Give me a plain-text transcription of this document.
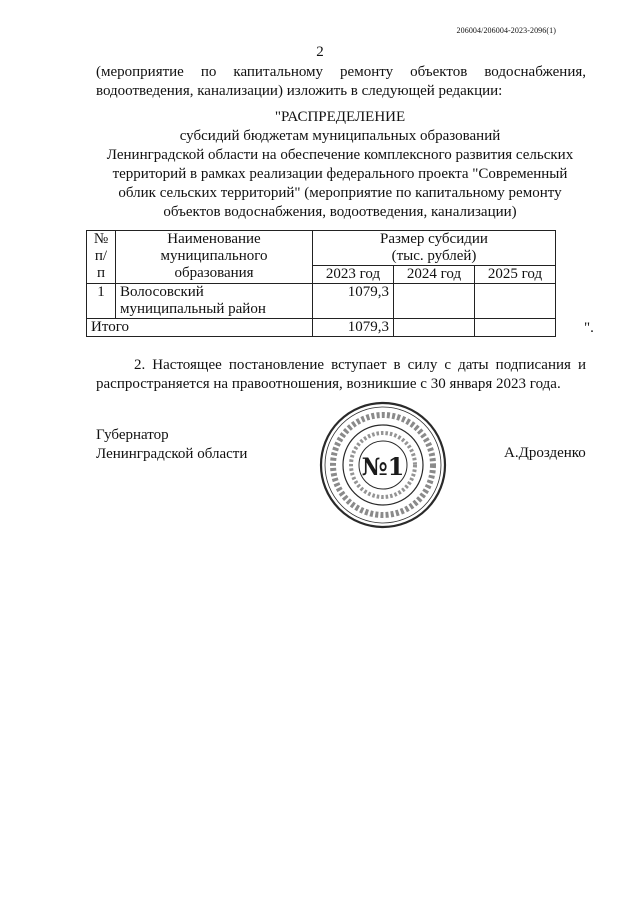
206004/206004-2023-2096(1)
2
(мероприятие по капитальному ремонту объектов водоснабжения, водоотведения, канализации) изложить в следующей редакции:
"РАСПРЕДЕЛЕНИЕ
субсидий бюджетам муниципальных образований
Ленинградской области на обеспечение комплексного развития сельских
территорий в рамках реализации федерального проекта "Современный
облик сельских территорий" (мероприятие по капитальному ремонту
объектов водоснабжения, водоотведения, канализации)
№ п/п	Наименование муниципального образования	Размер субсидии
(тыс. рублей)		

		2023 год	2024 год	2025 год
1	Волосовский муниципальный район	1079,3		
Итого		1079,3			".
2. Настоящее постановление вступает в силу с даты подписания и распространяется на правоотношения, возникшие с 30 января 2023 года.
Губернатор
Ленинградской области	А.Дрозденко
№1
